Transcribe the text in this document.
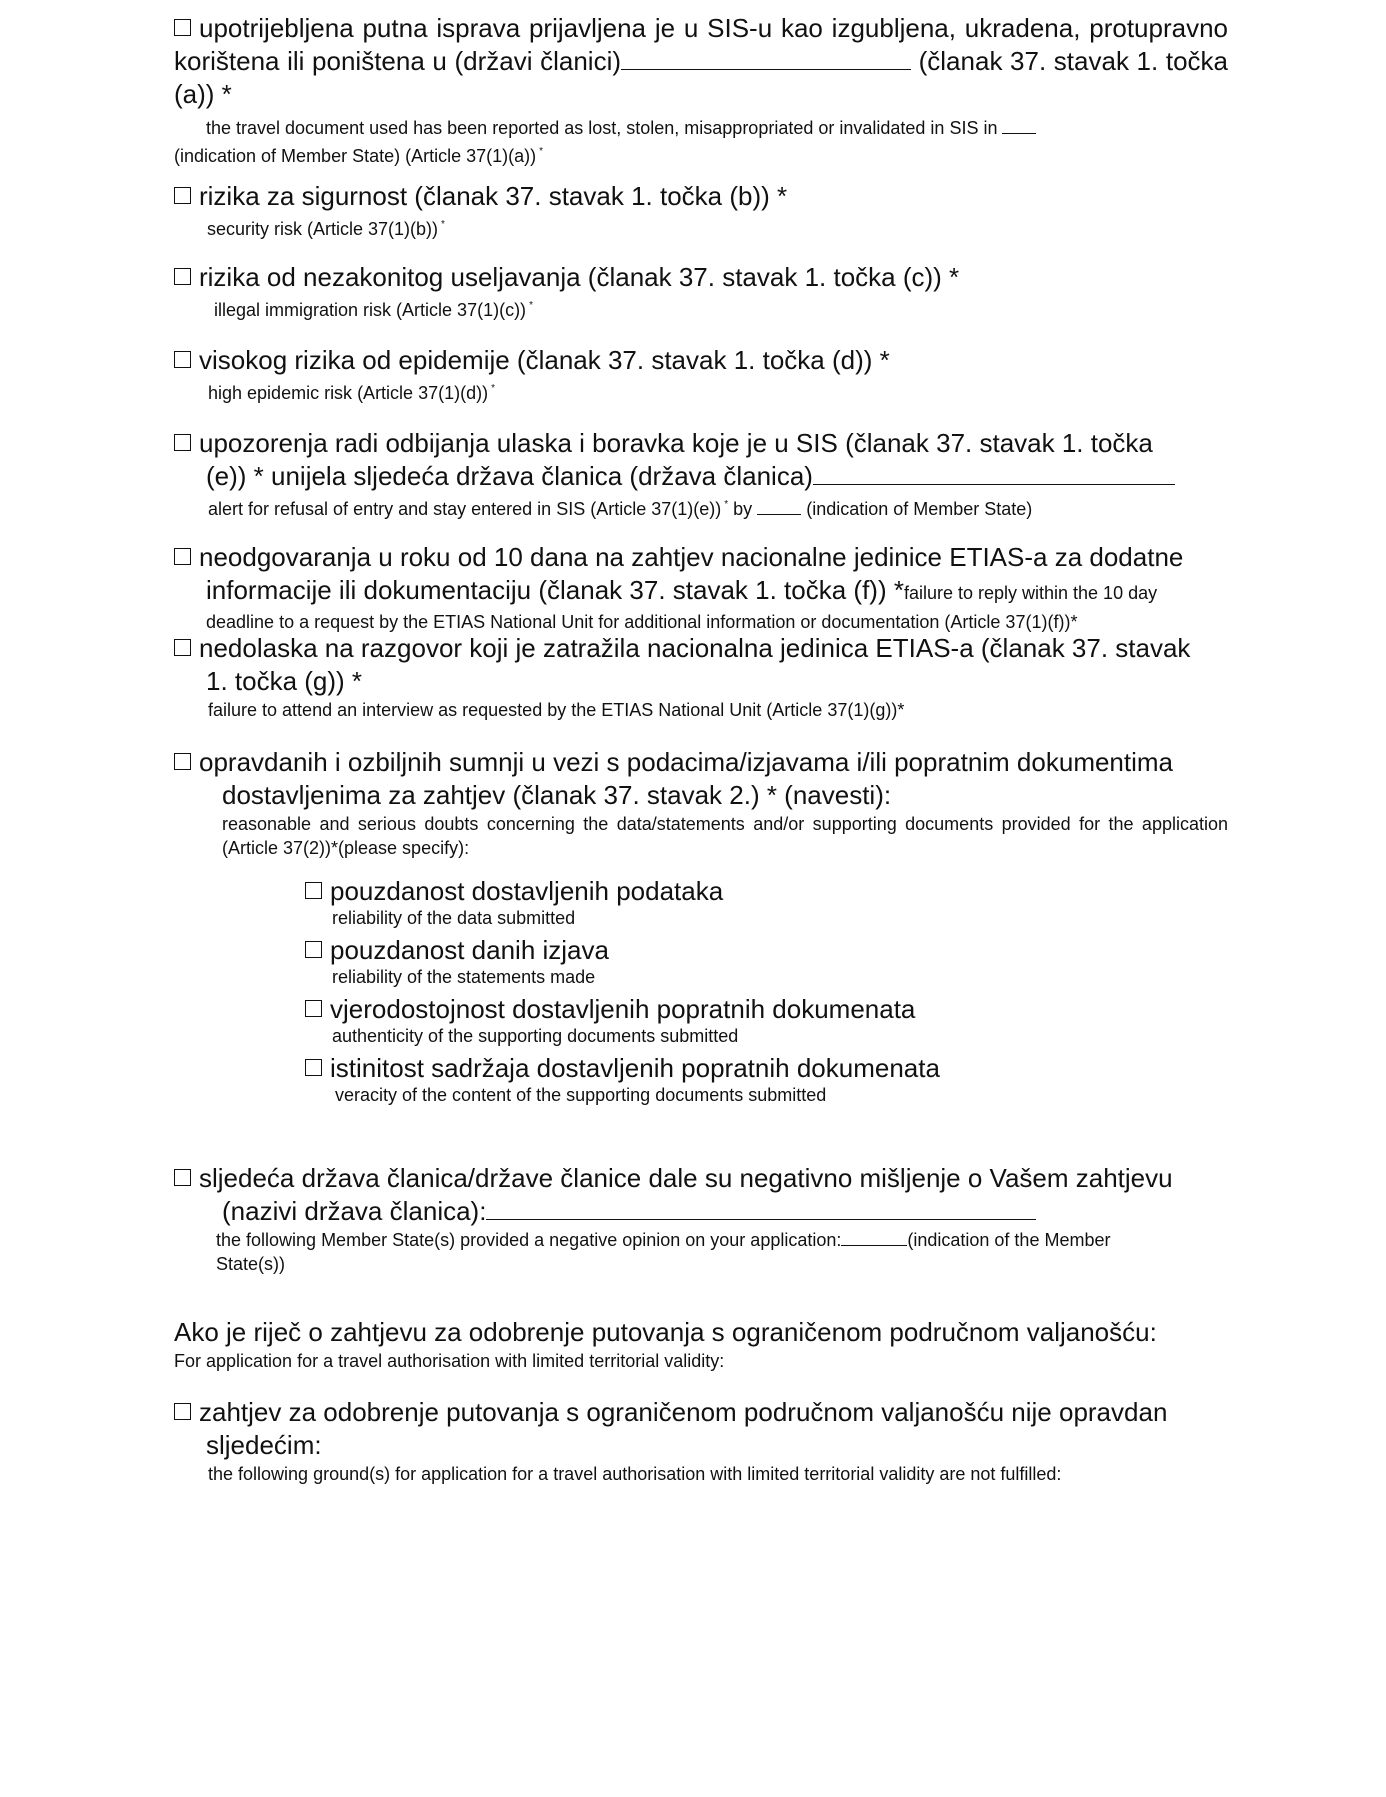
upotrijebljena putna isprava prijavljena je u SIS-u kao izgubljena, ukradena, protupravno korištena ili poništena u (državi članici)	(članak 37. stavak 1. točka (a)) *
the travel document used has been reported as lost, stolen, misappropriated or invalidated in SIS in
(indication of Member State) (Article 37(1)(a)) *
rizika za sigurnost (članak 37. stavak 1. točka (b)) *
security risk (Article 37(1)(b)) *
rizika od nezakonitog useljavanja (članak 37. stavak 1. točka (c)) *
illegal immigration risk (Article 37(1)(c)) *
visokog rizika od epidemije (članak 37. stavak 1. točka (d)) *
high epidemic risk (Article 37(1)(d)) *
upozorenja radi odbijanja ulaska i boravka koje je u SIS (članak 37. stavak 1. točka
(e)) * unijela sljedeća država članica (država članica)
alert for refusal of entry and stay entered in SIS (Article 37(1)(e)) * by	(indication of Member State)
neodgovaranja u roku od 10 dana na zahtjev nacionalne jedinice ETIAS-a za dodatne
informacije ili dokumentaciju (članak 37. stavak 1. točka (f)) *failure to reply within the 10 day
deadline to a request by the ETIAS National Unit for additional information or documentation (Article 37(1)(f))*
nedolaska na razgovor koji je zatražila nacionalna jedinica ETIAS-a (članak 37. stavak
1. točka (g)) *
failure to attend an interview as requested by the ETIAS National Unit (Article 37(1)(g))*
opravdanih i ozbiljnih sumnji u vezi s podacima/izjavama i/ili popratnim dokumentima
dostavljenima za zahtjev (članak 37. stavak 2.) * (navesti):
reasonable and serious doubts concerning the data/statements and/or supporting documents provided for the application (Article 37(2))*(please specify):
pouzdanost dostavljenih podataka
reliability of the data submitted
pouzdanost danih izjava
reliability of the statements made
vjerodostojnost dostavljenih popratnih dokumenata
authenticity of the supporting documents submitted
istinitost sadržaja dostavljenih popratnih dokumenata
veracity of the content of the supporting documents submitted
sljedeća država članica/države članice dale su negativno mišljenje o Vašem zahtjevu
(nazivi država članica):
the following Member State(s) provided a negative opinion on your application:	(indication of the Member
State(s))
Ako je riječ o zahtjevu za odobrenje putovanja s ograničenom područnom valjanošću:
For application for a travel authorisation with limited territorial validity:
zahtjev za odobrenje putovanja s ograničenom područnom valjanošću nije opravdan
sljedećim:
the following ground(s) for application for a travel authorisation with limited territorial validity are not fulfilled:
